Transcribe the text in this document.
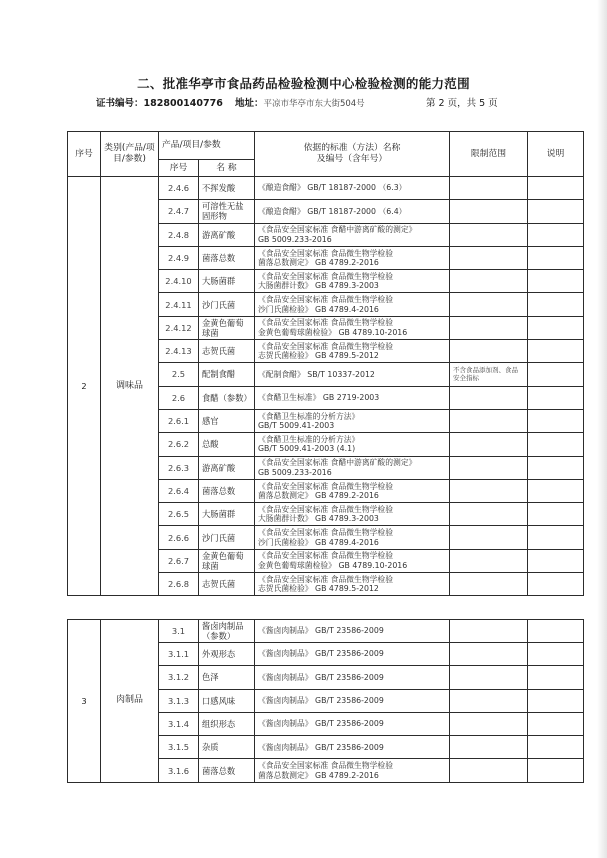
二、批准华亭市食品药品检验检测中心检验检测的能力范围
证书编号：182800140776 地址：平凉市华亭市东大街504号	第 2 页，共 5 页
序号	类别(产品/项目/参数)	产品/项目/参数		依据的标准（方法）名称
及编号（含年号）	限制范围	说明
		序号	名 称			
2	调味品	2.4.6	不挥发酸	《酿造食醋》 GB/T 18187-2000 （6.3）		
		2.4.7	可溶性无盐固形物	《酿造食醋》 GB/T 18187-2000 （6.4）		
		2.4.8	游离矿酸	《食品安全国家标准 食醋中游离矿酸的测定》
GB 5009.233-2016		
		2.4.9	菌落总数	《食品安全国家标准 食品微生物学检验
菌落总数测定》 GB 4789.2-2016		
		2.4.10	大肠菌群	《食品安全国家标准 食品微生物学检验
大肠菌群计数》 GB 4789.3-2003		
		2.4.11	沙门氏菌	《食品安全国家标准 食品微生物学检验
沙门氏菌检验》 GB 4789.4-2016		
		2.4.12	金黄色葡萄球菌	《食品安全国家标准 食品微生物学检验
金黄色葡萄球菌检验》 GB 4789.10-2016		
		2.4.13	志贺氏菌	《食品安全国家标准 食品微生物学检验
志贺氏菌检验》 GB 4789.5-2012		
		2.5	配制食醋	《配制食醋》 SB/T 10337-2012	不含食品添加剂、食品安全指标	
		2.6	食醋（参数）	《食醋卫生标准》 GB 2719-2003		
		2.6.1	感官	《食醋卫生标准的分析方法》
GB/T 5009.41-2003		
		2.6.2	总酸	《食醋卫生标准的分析方法》
GB/T 5009.41-2003 (4.1)		
		2.6.3	游离矿酸	《食品安全国家标准 食醋中游离矿酸的测定》
GB 5009.233-2016		
		2.6.4	菌落总数	《食品安全国家标准 食品微生物学检验
菌落总数测定》 GB 4789.2-2016		
		2.6.5	大肠菌群	《食品安全国家标准 食品微生物学检验
大肠菌群计数》 GB 4789.3-2003		
		2.6.6	沙门氏菌	《食品安全国家标准 食品微生物学检验
沙门氏菌检验》 GB 4789.4-2016		
		2.6.7	金黄色葡萄球菌	《食品安全国家标准 食品微生物学检验
金黄色葡萄球菌检验》 GB 4789.10-2016		
		2.6.8	志贺氏菌	《食品安全国家标准 食品微生物学检验
志贺氏菌检验》 GB 4789.5-2012		

3	肉制品	3.1	酱卤肉制品（参数）	《酱卤肉制品》 GB/T 23586-2009		
		3.1.1	外观形态	《酱卤肉制品》 GB/T 23586-2009		
		3.1.2	色泽	《酱卤肉制品》 GB/T 23586-2009		
		3.1.3	口感风味	《酱卤肉制品》 GB/T 23586-2009		
		3.1.4	组织形态	《酱卤肉制品》 GB/T 23586-2009		
		3.1.5	杂质	《酱卤肉制品》 GB/T 23586-2009		
		3.1.6	菌落总数	《食品安全国家标准 食品微生物学检验
菌落总数测定》 GB 4789.2-2016		
